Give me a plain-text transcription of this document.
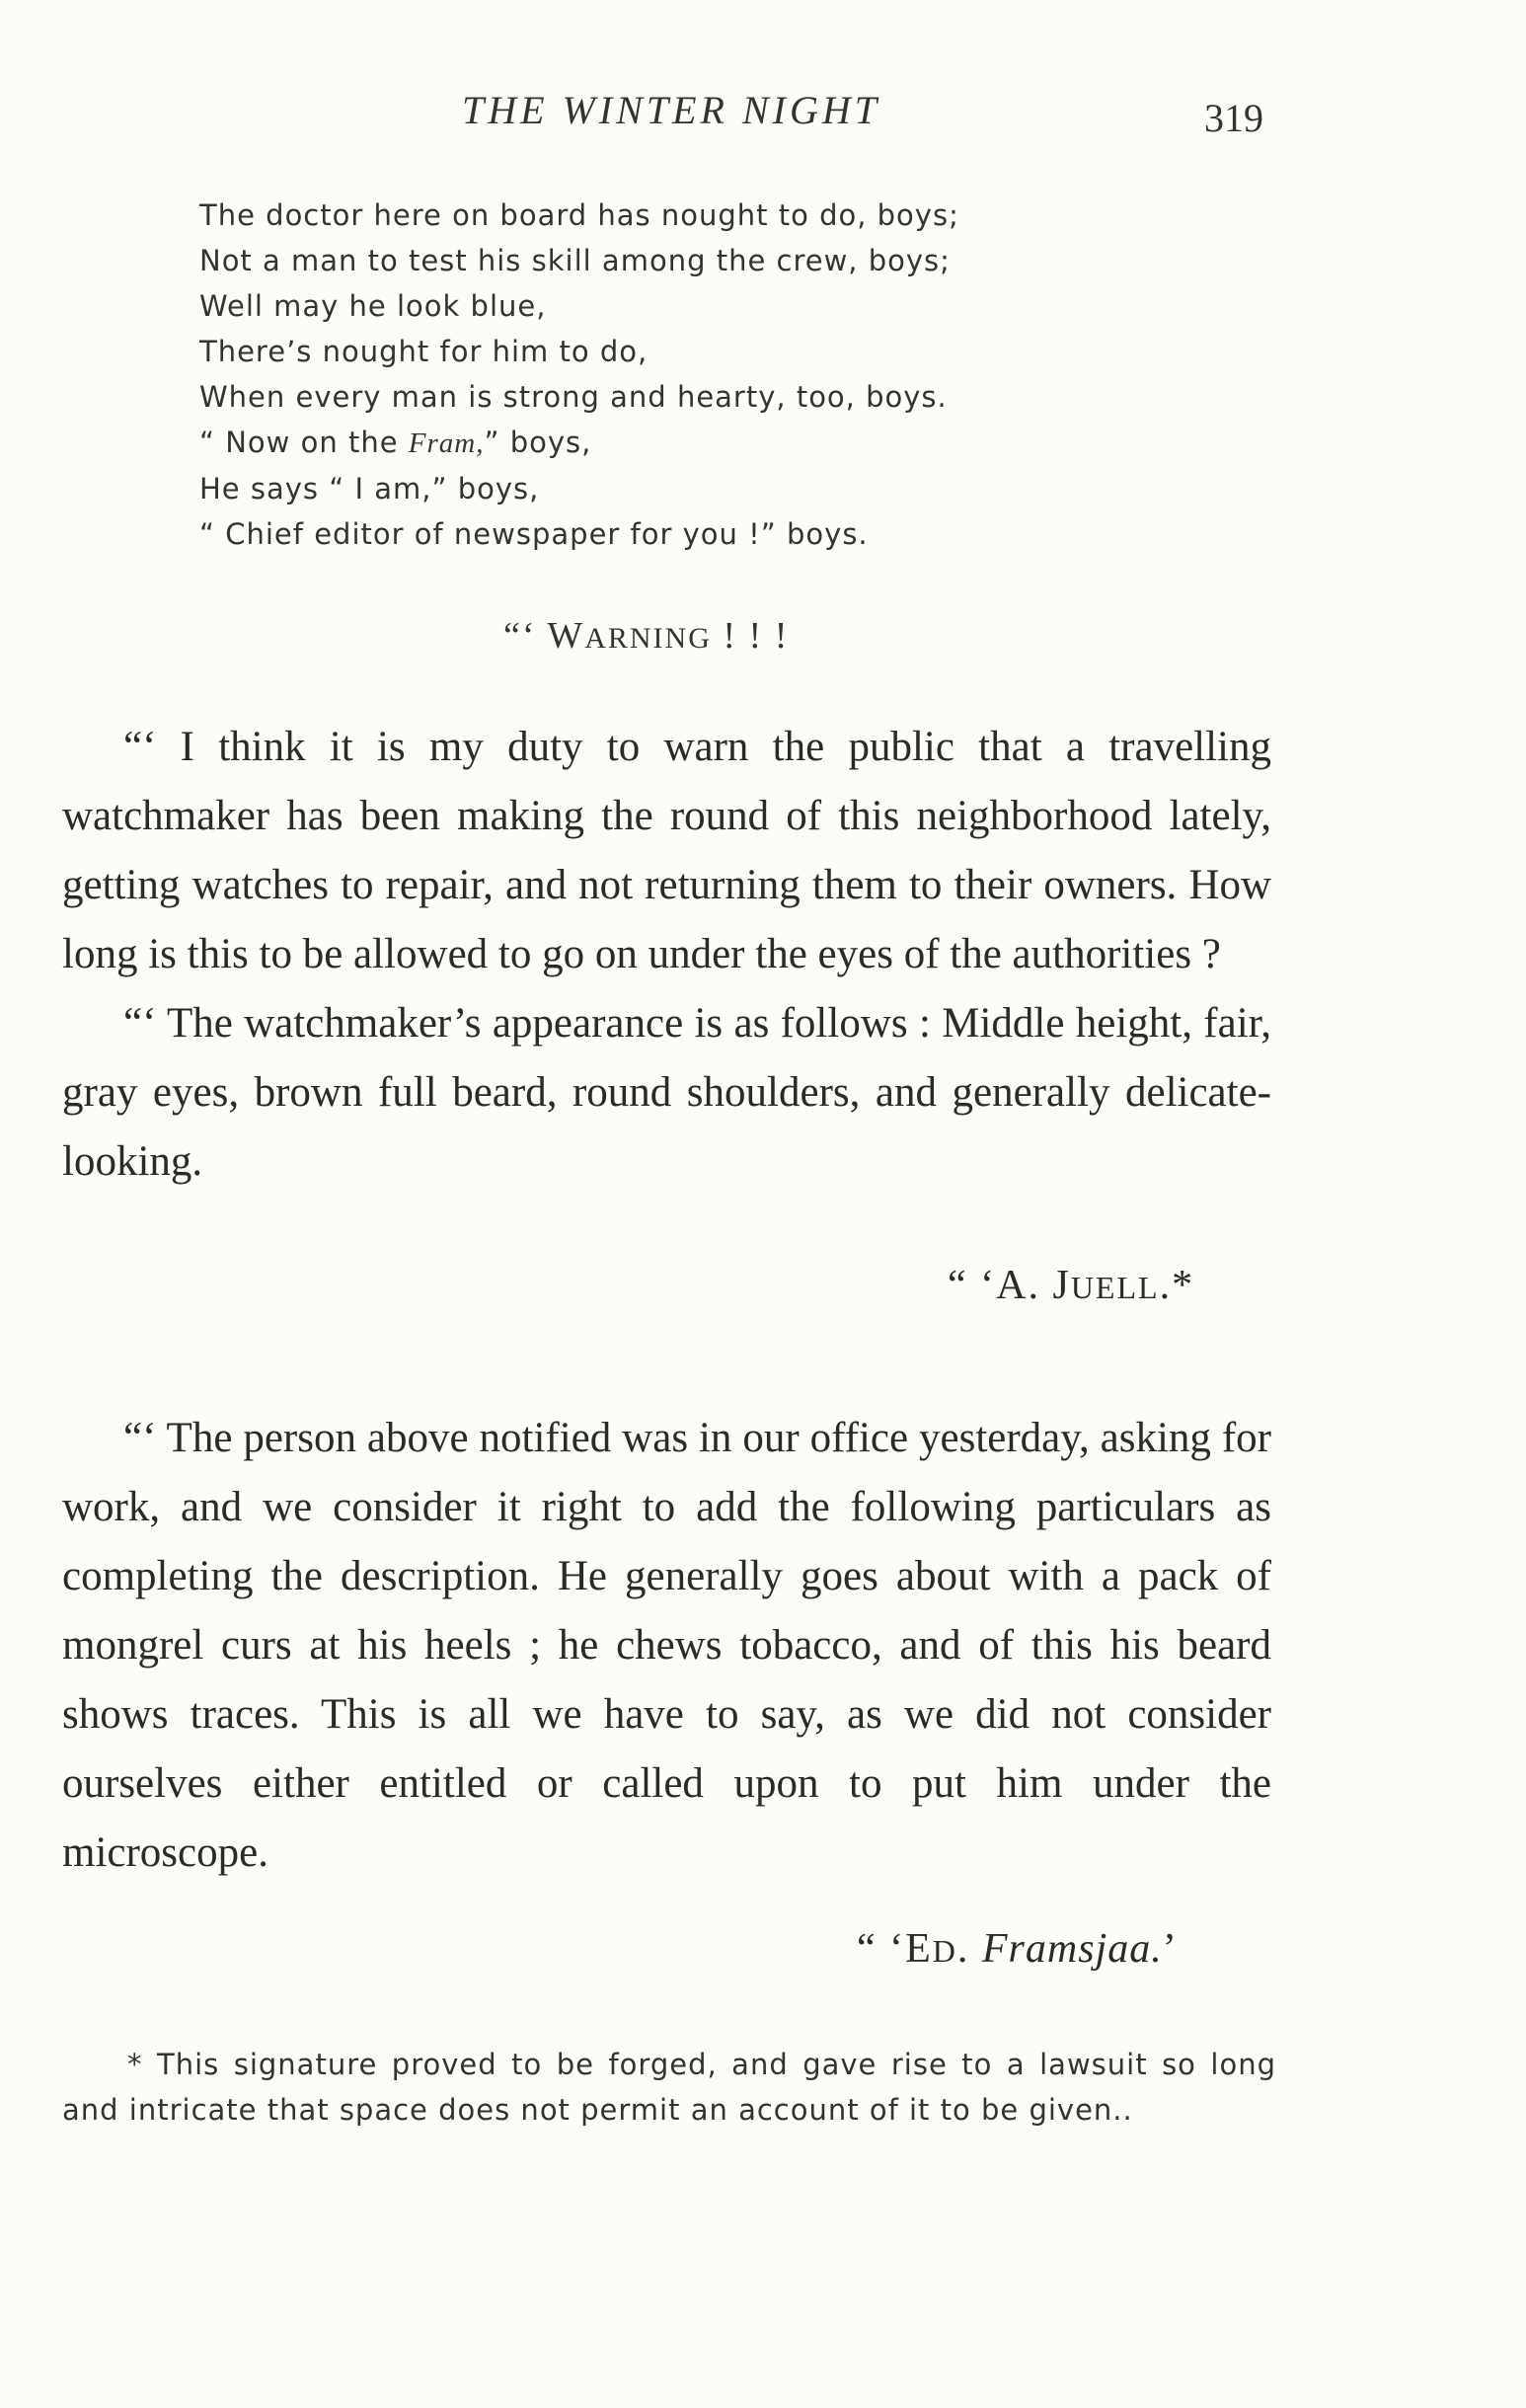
THE WINTER NIGHT	319
The doctor here on board has nought to do, boys;
Not a man to test his skill among the crew, boys;
Well may he look blue,
There’s nought for him to do,
When every man is strong and hearty, too, boys.
“ Now on the Fram,” boys,
He says “ I am,” boys,
“ Chief editor of newspaper for you !” boys.
“‘ WARNING ! ! !

“‘ I think it is my duty to warn the public that a travelling watchmaker has been making the round of this neighborhood lately, getting watches to repair, and not returning them to their owners. How long is this to be allowed to go on under the eyes of the authorities ?

“‘ The watchmaker’s appearance is as follows : Middle height, fair, gray eyes, brown full beard, round shoulders, and generally delicate-looking.

“ ‘A. JUELL.*

“‘ The person above notified was in our office yesterday, asking for work, and we consider it right to add the following particulars as completing the description. He generally goes about with a pack of mongrel curs at his heels ; he chews tobacco, and of this his beard shows traces. This is all we have to say, as we did not consider ourselves either entitled or called upon to put him under the microscope.

“ ‘ED. Framsjaa.’
* This signature proved to be forged, and gave rise to a lawsuit so long and intricate that space does not permit an account of it to be given..
